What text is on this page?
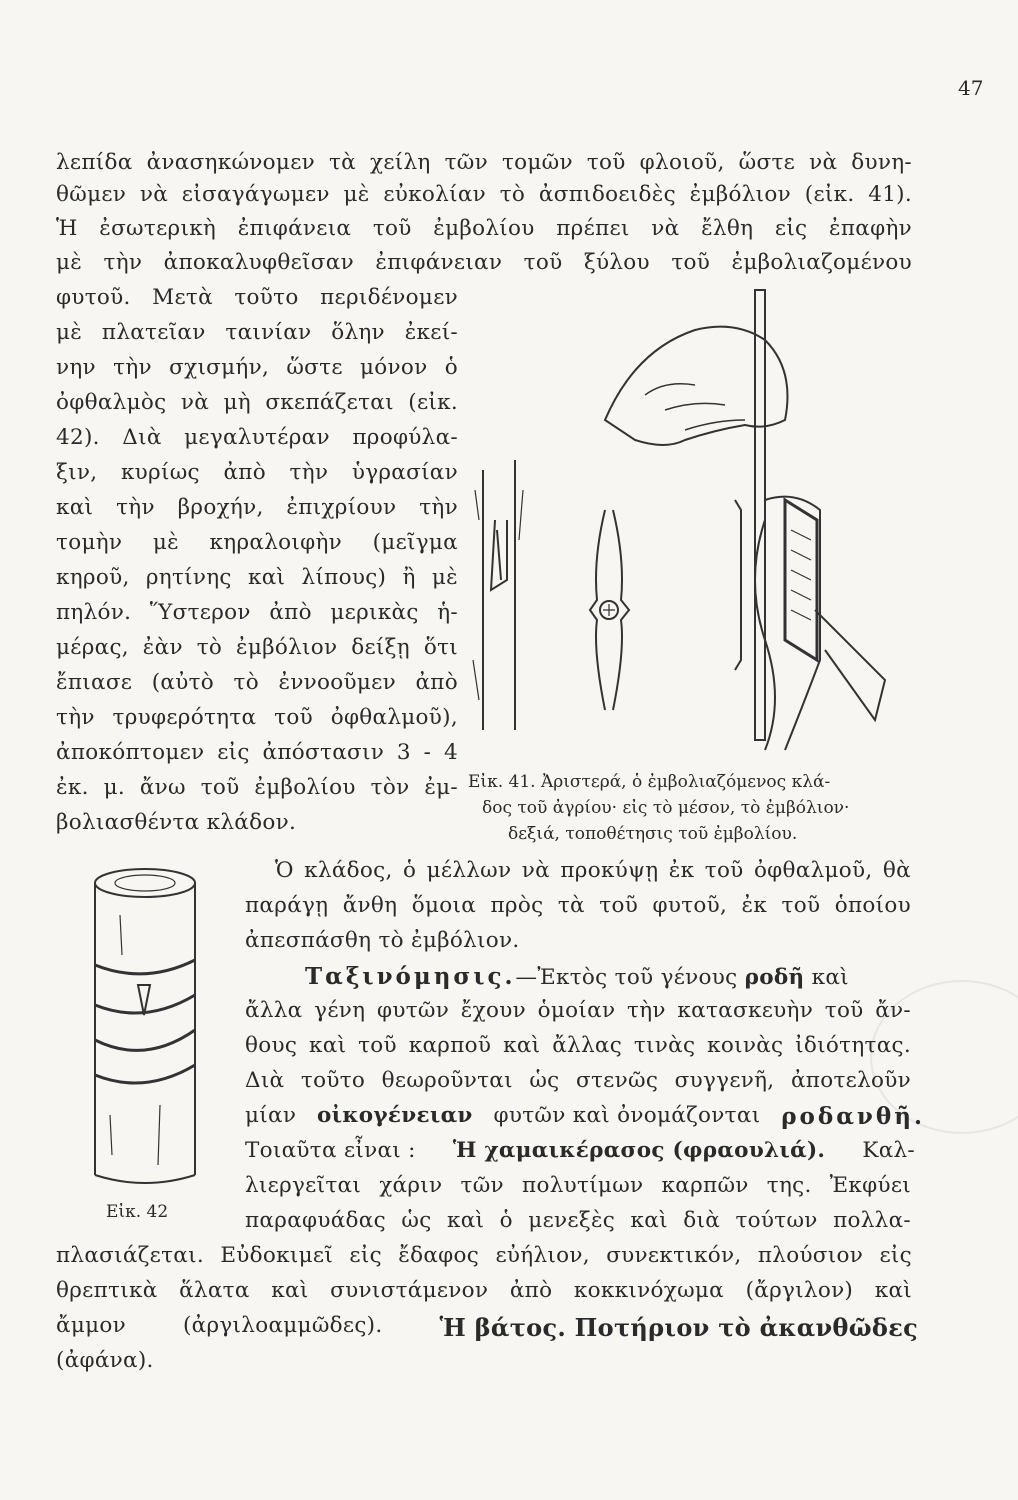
47
λεπίδα ἀνασηκώνομεν τὰ χείλη τῶν τομῶν τοῦ φλοιοῦ, ὥστε νὰ δυνη-
θῶμεν νὰ εἰσαγάγωμεν μὲ εὐκολίαν τὸ ἀσπιδοειδὲς ἐμβόλιον (εἰκ. 41).
Ἡ ἐσωτερικὴ ἐπιφάνεια τοῦ ἐμβολίου πρέπει νὰ ἔλθη εἰς ἐπαφὴν
μὲ τὴν ἀποκαλυφθεῖσαν ἐπιφάνειαν τοῦ ξύλου τοῦ ἐμβολιαζομένου
φυτοῦ. Μετὰ τοῦτο περιδένομεν
μὲ πλατεῖαν ταινίαν ὅλην ἐκεί-
νην τὴν σχισμήν, ὥστε μόνον ὁ
ὀφθαλμὸς νὰ μὴ σκεπάζεται (εἰκ.
42). Διὰ μεγαλυτέραν προφύλα-
ξιν, κυρίως ἀπὸ τὴν ὑγρασίαν
καὶ τὴν βροχήν, ἐπιχρίουν τὴν
τομὴν μὲ κηραλοιφὴν (μεῖγμα
κηροῦ, ρητίνης καὶ λίπους) ἢ μὲ
πηλόν. Ὕστερον ἀπὸ μερικὰς ἡ-
μέρας, ἐὰν τὸ ἐμβόλιον δείξῃ ὅτι
ἔπιασε (αὐτὸ τὸ ἐννοοῦμεν ἀπὸ
τὴν τρυφερότητα τοῦ ὀφθαλμοῦ),
ἀποκόπτομεν εἰς ἀπόστασιν 3 - 4
ἐκ. μ. ἄνω τοῦ ἐμβολίου τὸν ἐμ-
βολιασθέντα κλάδον.
Εἰκ. 41. Ἀριστερά, ὁ ἐμβολιαζόμενος κλά-
δος τοῦ ἀγρίου· εἰς τὸ μέσον, τὸ ἐμβόλιον·
δεξιά, τοποθέτησις τοῦ ἐμβολίου.
Ὁ κλάδος, ὁ μέλλων νὰ προκύψῃ ἐκ τοῦ ὀφθαλμοῦ, θὰ
παράγῃ ἄνθη ὅμοια πρὸς τὰ τοῦ φυτοῦ, ἐκ τοῦ ὁποίου
ἀπεσπάσθη τὸ ἐμβόλιον.
Ταξινόμησις.—Ἐκτὸς τοῦ γένους ροδῆ καὶ
ἄλλα γένη φυτῶν ἔχουν ὁμοίαν τὴν κατασκευὴν τοῦ ἄν-
θους καὶ τοῦ καρποῦ καὶ ἄλλας τινὰς κοινὰς ἰδιότητας.
Διὰ τοῦτο θεωροῦνται ὡς στενῶς συγγενῆ, ἀποτελοῦν
μίαν οἰκογένειαν φυτῶν καὶ ὀνομάζονται ροδανθῆ.
Τοιαῦτα εἶναι : Ἡ χαμαικέρασος (φραουλιά). Καλ-
λιεργεῖται χάριν τῶν πολυτίμων καρπῶν της. Ἐκφύει
παραφυάδας ὡς καὶ ὁ μενεξὲς καὶ διὰ τούτων πολλα-
Εἰκ. 42
πλασιάζεται. Εὐδοκιμεῖ εἰς ἔδαφος εὐήλιον, συνεκτικόν, πλούσιον εἰς
θρεπτικὰ ἅλατα καὶ συνιστάμενον ἀπὸ κοκκινόχωμα (ἄργιλον) καὶ
ἄμμον	(ἀργιλοαμμῶδες). Ἡ βάτος. Ποτήριον τὸ ἀκανθῶδες
(ἀφάνα).
